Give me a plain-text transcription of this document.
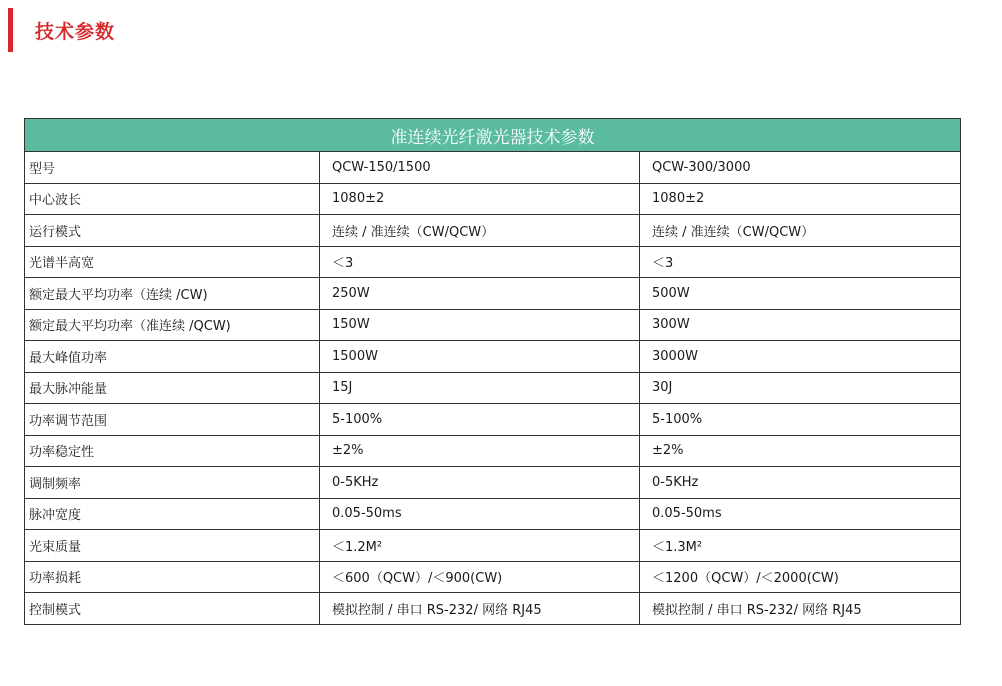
技术参数
准连续光纤激光器技术参数		
型号	QCW-150/1500	QCW-300/3000
中心波长	1080±2	1080±2
运行模式	连续 / 准连续（CW/QCW）	连续 / 准连续（CW/QCW）
光谱半高宽	＜3	＜3
额定最大平均功率（连续 /CW)	250W	500W
额定最大平均功率（准连续 /QCW)	150W	300W
最大峰值功率	1500W	3000W
最大脉冲能量	15J	30J
功率调节范围	5-100%	5-100%
功率稳定性	±2%	±2%
调制频率	0-5KHz	0-5KHz
脉冲宽度	0.05-50ms	0.05-50ms
光束质量	＜1.2M²	＜1.3M²
功率损耗	＜600（QCW）/＜900(CW)	＜1200（QCW）/＜2000(CW)
控制模式	模拟控制 / 串口 RS-232/ 网络 RJ45	模拟控制 / 串口 RS-232/ 网络 RJ45
